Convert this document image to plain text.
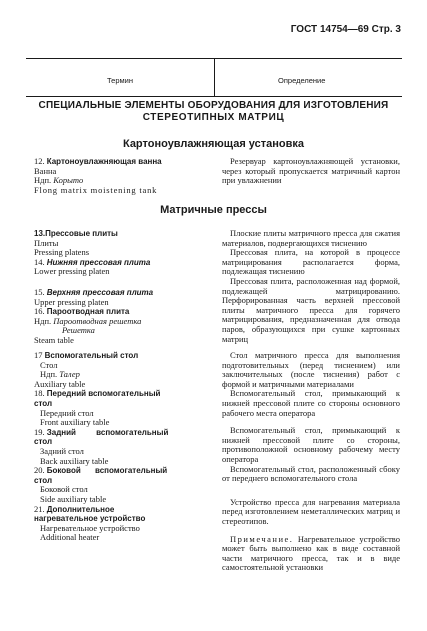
ГОСТ 14754—69 Стр. 3
Термин	Определение
СПЕЦИАЛЬНЫЕ ЭЛЕМЕНТЫ ОБОРУДОВАНИЯ ДЛЯ ИЗГОТОВЛЕНИЯ
СТЕРЕОТИПНЫХ МАТРИЦ
Картоноувлажняющая установка
12. Картоноувлажняющая ванна
Ванна
Ндп. Корыто
Flong matrix moistening tank

Резервуар картоноувлажняющей установки, через который пропускается матричный картон при увлажнении

Матричные прессы
13.Прессовые плиты
Плиты
Pressing platens
14. Нижняя прессовая плита
Lower pressing platen
15. Верхняя прессовая плита
Upper pressing platen
16. Пароотводная плита
Ндп. Пароотводная решетка
Решетка
Steam table

Плоские плиты матричного пресса для сжатия материалов, подвергающихся тиснению

Прессовая плита, на которой в процессе матрицирования располагается форма, подлежащая тиснению

Прессовая плита, расположенная над формой, подлежащей матрицированию. Перфорированная часть верхней прессовой плиты матричного пресса для горячего матрицирования, предназначенная для отвода паров, образующихся при сушке картонных матриц

17 Вспомогательный стол
Стол
Ндп. Талер
Auxiliary table
18. Передний вспомогательный стол
Передний стол
Front auxiliary table
19. Задний вспомогательный стол
Задний стол
Back auxiliary table
20. Боковой вспомогательный стол
Боковой стол
Side auxiliary table
21. Дополнительное нагревательное устройство
Нагревательное устройство
Additional heater

Стол матричного пресса для выполнения подготовительных (перед тиснением) или заключительных (после тиснения) работ с формой и матричными материалами

Вспомогательный стол, примыкающий к нижней прессовой плите со стороны основного рабочего места оператора

Вспомогательный стол, примыкающий к нижней прессовой плите со стороны, противоположной основному рабочему месту оператора

Вспомогательный стол, расположенный сбоку от переднего вспомогательного стола

Устройство пресса для нагревания материала перед изготовлением неметаллических матриц и стереотипов.

Примечание. Нагревательное устройство может быть выполнено как в виде составной части матричного пресса, так и в виде самостоятельной установки
